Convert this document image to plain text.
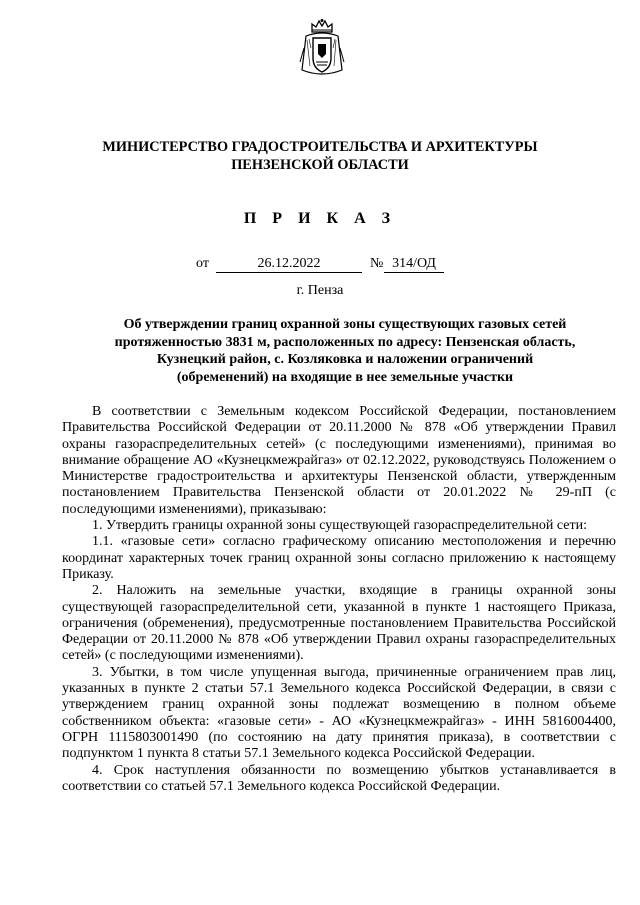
МИНИСТЕРСТВО ГРАДОСТРОИТЕЛЬСТВА И АРХИТЕКТУРЫ
ПЕНЗЕНСКОЙ ОБЛАСТИ
П Р И К А З
от	26.12.2022	№ 314/ОД
г. Пенза
Об утверждении границ охранной зоны существующих газовых сетей
протяженностью 3831 м, расположенных по адресу: Пензенская область,
Кузнецкий район, с. Козляковка и наложении ограничений
(обременений) на входящие в нее земельные участки

В соответствии с Земельным кодексом Российской Федерации, постановлением Правительства Российской Федерации от 20.11.2000 № 878 «Об утверждении Правил охраны газораспределительных сетей» (с последующими изменениями), принимая во внимание обращение АО «Кузнецкмежрайгаз» от 02.12.2022, руководствуясь Положением о Министерстве градостроительства и архитектуры Пензенской области, утвержденным постановлением Правительства Пензенской области от 20.01.2022 № 29-пП (с последующими изменениями), приказываю:

1. Утвердить границы охранной зоны существующей газораспределительной сети:

1.1. «газовые сети» согласно графическому описанию местоположения и перечню координат характерных точек границ охранной зоны согласно приложению к настоящему Приказу.

2. Наложить на земельные участки, входящие в границы охранной зоны существующей газораспределительной сети, указанной в пункте 1 настоящего Приказа, ограничения (обременения), предусмотренные постановлением Правительства Российской Федерации от 20.11.2000 № 878 «Об утверждении Правил охраны газораспределительных сетей» (с последующими изменениями).

3. Убытки, в том числе упущенная выгода, причиненные ограничением прав лиц, указанных в пункте 2 статьи 57.1 Земельного кодекса Российской Федерации, в связи с утверждением границ охранной зоны подлежат возмещению в полном объеме собственником объекта: «газовые сети» - АО «Кузнецкмежрайгаз» - ИНН 5816004400, ОГРН 1115803001490 (по состоянию на дату принятия приказа), в соответствии с подпунктом 1 пункта 8 статьи 57.1 Земельного кодекса Российской Федерации.

4. Срок наступления обязанности по возмещению убытков устанавливается в соответствии со статьей 57.1 Земельного кодекса Российской Федерации.
